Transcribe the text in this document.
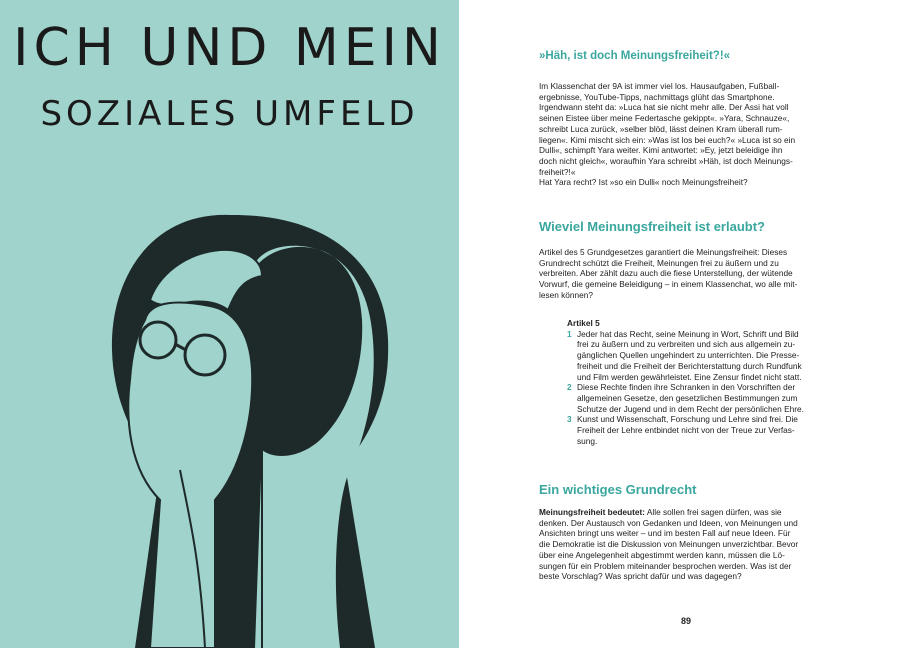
ICH UND MEIN
SOZIALES UMFELD
»Häh, ist doch Meinungsfreiheit?!«
Im Klassenchat der 9A ist immer viel los. Hausaufgaben, Fußball-
ergebnisse, YouTube-Tipps, nachmittags glüht das Smartphone.
Irgendwann steht da: »Luca hat sie nicht mehr alle. Der Assi hat voll
seinen Eistee über meine Federtasche gekippt«. »Yara, Schnauze«,
schreibt Luca zurück, »selber blöd, lässt deinen Kram überall rum-
liegen«. Kimi mischt sich ein: »Was ist los bei euch?« »Luca ist so ein
Dulli«, schimpft Yara weiter. Kimi antwortet: »Ey, jetzt beleidige ihn
doch nicht gleich«, woraufhin Yara schreibt »Häh, ist doch Meinungs-
freiheit?!«
Hat Yara recht? Ist »so ein Dulli« noch Meinungsfreiheit?
Wieviel Meinungsfreiheit ist erlaubt?
Artikel des 5 Grundgesetzes garantiert die Meinungsfreiheit: Dieses
Grundrecht schützt die Freiheit, Meinungen frei zu äußern und zu
verbreiten. Aber zählt dazu auch die fiese Unterstellung, der wütende
Vorwurf, die gemeine Beleidigung – in einem Klassenchat, wo alle mit-
lesen können?
Artikel 5
1 Jeder hat das Recht, seine Meinung in Wort, Schrift und Bild
frei zu äußern und zu verbreiten und sich aus allgemein zu-
gänglichen Quellen ungehindert zu unterrichten. Die Presse-
freiheit und die Freiheit der Berichterstattung durch Rundfunk
und Film werden gewährleistet. Eine Zensur findet nicht statt.
2 Diese Rechte finden ihre Schranken in den Vorschriften der
allgemeinen Gesetze, den gesetzlichen Bestimmungen zum
Schutze der Jugend und in dem Recht der persönlichen Ehre.
3 Kunst und Wissenschaft, Forschung und Lehre sind frei. Die
Freiheit der Lehre entbindet nicht von der Treue zur Verfas-
sung.
Ein wichtiges Grundrecht
Meinungsfreiheit bedeutet: Alle sollen frei sagen dürfen, was sie
denken. Der Austausch von Gedanken und Ideen, von Meinungen und
Ansichten bringt uns weiter – und im besten Fall auf neue Ideen. Für
die Demokratie ist die Diskussion von Meinungen unverzichtbar. Bevor
über eine Angelegenheit abgestimmt werden kann, müssen die Lö-
sungen für ein Problem miteinander besprochen werden. Was ist der
beste Vorschlag? Was spricht dafür und was dagegen?
89
